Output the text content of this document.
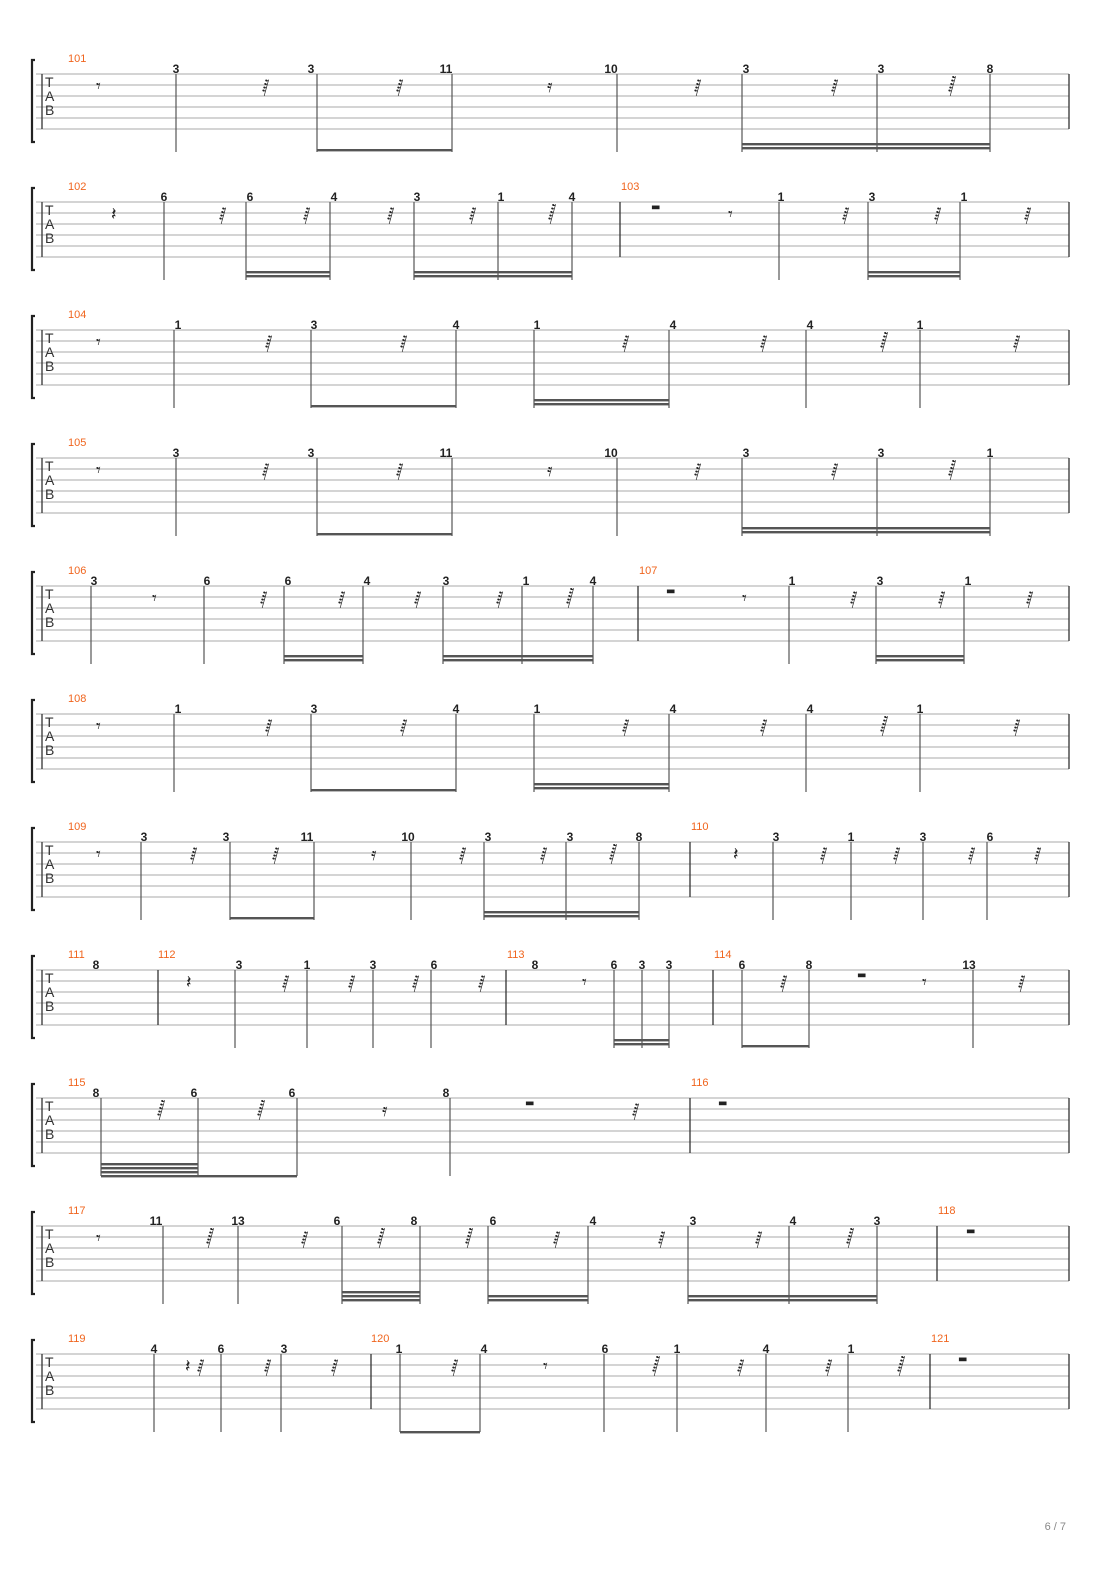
T
A
B
𝄾	𝅁	𝅁	𝄿	𝅁	𝅁	𝅂
101
3	3	11	10	3	3	8
T
A
B
𝄽	𝅁	𝅁	𝅁	𝅁	𝅂	▬	𝄾	𝅁	𝅁	𝅁
102
6	6	4	3	1	4
103
1	3	1
T
A
B
𝄾	𝅁	𝅁	𝅁	𝅁	𝅂	𝅁
104
1	3	4	1	4	4	1
T
A
B
𝄾	𝅁	𝅁	𝄿	𝅁	𝅁	𝅂
105
3	3	11	10	3	3	1
T
A
B
𝄾	𝅁	𝅁	𝅁	𝅁	𝅂	▬	𝄾	𝅁	𝅁	𝅁
106
3	6	6	4	3	1	4
107
1	3	1
T
A
B
𝄾	𝅁	𝅁	𝅁	𝅁	𝅂	𝅁
108
1	3	4	1	4	4	1
T
A
B
𝄾	𝅁	𝅁	𝄿	𝅁	𝅁	𝅂	𝄽	𝅁	𝅁	𝅁	𝅁
109
3	3	11	10	3	3	8
110
3	1	3	6
T
A
B
𝄽	𝅁	𝅁	𝅁	𝅁	𝄾	𝅁	▬	𝄾	𝅁
111
8
112
3	1	3	6
113
8	6 3 3
114
6	8	13
T
A
B
𝅂	𝅂	𝄿	▬	𝅁	▬
115
8	6	6	8
116
T
A
B
𝄾	𝅂	𝅁	𝅂	𝅂	𝅁	𝅁	𝅁	𝅂	▬
117
11	13	6	8	6	4	3	4	3
118
T
A
B
𝄽 𝅁	𝅁	𝅁	𝅁	𝄾	𝅂	𝅁	𝅁	𝅂	▬
119
4	6	3
120
1	4	6	1	4	1
121
6 / 7
